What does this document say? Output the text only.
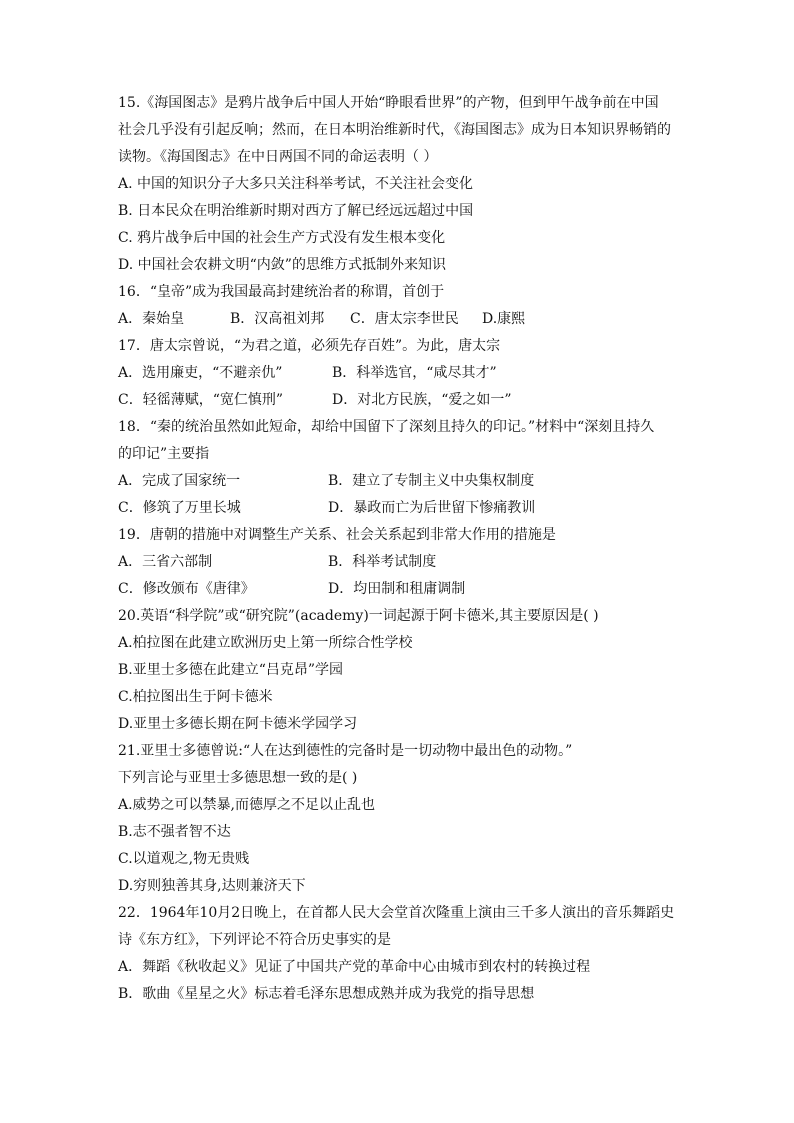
15.《海国图志》是鸦片战争后中国人开始“睁眼看世界”的产物，但到甲午战争前在中国
社会几乎没有引起反响；然而，在日本明治维新时代，《海国图志》成为日本知识界畅销的
读物。《海国图志》在中日两国不同的命运表明（ ）
A. 中国的知识分子大多只关注科举考试，不关注社会变化
B. 日本民众在明治维新时期对西方了解已经远远超过中国
C. 鸦片战争后中国的社会生产方式没有发生根本变化
D. 中国社会农耕文明“内敛”的思维方式抵制外来知识
16．“皇帝”成为我国最高封建统治者的称谓，首创于
A．秦始皇	B．汉高祖刘邦 C．唐太宗李世民 D.康熙
17．唐太宗曾说，“为君之道，必须先存百姓”。为此，唐太宗
A．选用廉吏，“不避亲仇”	B．科举选官，“咸尽其才”
C．轻徭薄赋，“宽仁慎刑”	D．对北方民族，“爱之如一”
18．“秦的统治虽然如此短命，却给中国留下了深刻且持久的印记。”材料中“深刻且持久
的印记”主要指
A．完成了国家统一	B．建立了专制主义中央集权制度
C．修筑了万里长城	D．暴政而亡为后世留下惨痛教训
19．唐朝的措施中对调整生产关系、社会关系起到非常大作用的措施是
A．三省六部制	B．科举考试制度
C．修改颁布《唐律》	D．均田制和租庸调制
20.英语“科学院”或“研究院”(academy)一词起源于阿卡德米,其主要原因是( )
A.柏拉图在此建立欧洲历史上第一所综合性学校
B.亚里士多德在此建立“吕克昂”学园
C.柏拉图出生于阿卡德米
D.亚里士多德长期在阿卡德米学园学习
21.亚里士多德曾说:“人在达到德性的完备时是一切动物中最出色的动物。”
下列言论与亚里士多德思想一致的是( )
A.威势之可以禁暴,而德厚之不足以止乱也
B.志不强者智不达
C.以道观之,物无贵贱
D.穷则独善其身,达则兼济天下
22．1964年10月2日晚上，在首都人民大会堂首次隆重上演由三千多人演出的音乐舞蹈史
诗《东方红》，下列评论不符合历史事实的是
A．舞蹈《秋收起义》见证了中国共产党的革命中心由城市到农村的转换过程
B．歌曲《星星之火》标志着毛泽东思想成熟并成为我党的指导思想
